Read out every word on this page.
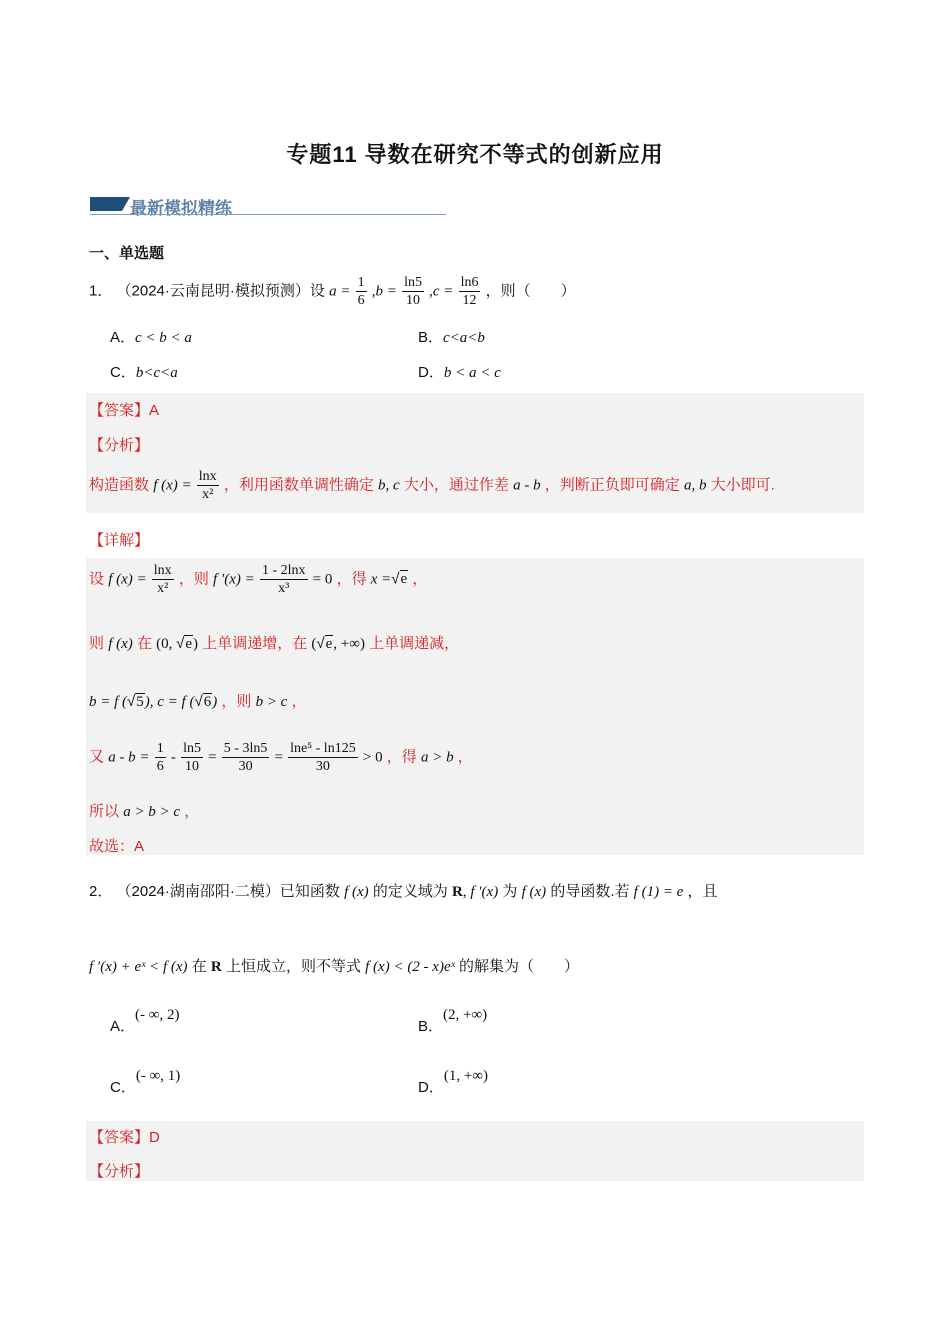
专题11 导数在研究不等式的创新应用
最新模拟精练
一、单选题
1． （2024·云南昆明·模拟预测）设 $a = \frac{1}{6} ,b = \frac{\ln 5}{10} ,c = \frac{\ln 6}{12}$ ，则（　　）
A．c < b < a	B．c<a<b
C．b<c<a	D．b < a < c
【答案】A
【分析】
构造函数 f $(x) = \frac{\ln x}{\text{x²}}$ ，利用函数单调性确定 b, c 大小，通过作差 a - b ，判断正负即可确定 a, b 大小即可.
【详解】
设 f $(x) = \frac{\ln x}{\text{x²}}$ ，则 f $'(x) = \frac{1 - 2\ln x}{\text{x³}} = 0$ ，得 x =√e ，
则 f (x) 在 (0, √e) 上单调递增，在 (√e, +∞) 上单调递减，
b = f (√5), c = f (√6) ，则 b > c ，
又 $a - b = \frac{1}{6} - \frac{\ln 5}{10} = \frac{5 - 3\ln 5}{30} = \frac{\text{lne⁵ - ln125}}{30} > 0$ ，得 a > b ，
所以 a > b > c ，
故选：A
2． （2024·湖南邵阳·二模）已知函数 f (x) 的定义域为 R, f ′(x) 为 f (x) 的导函数.若 f (1) = e ，且
f ′(x) + eˣ < f (x) 在 R 上恒成立，则不等式 f (x) < (2 - x)eˣ 的解集为（　　）
A．(- ∞, 2)
B．(2, +∞)
C．(- ∞, 1)
D．(1, +∞)
【答案】D
【分析】
